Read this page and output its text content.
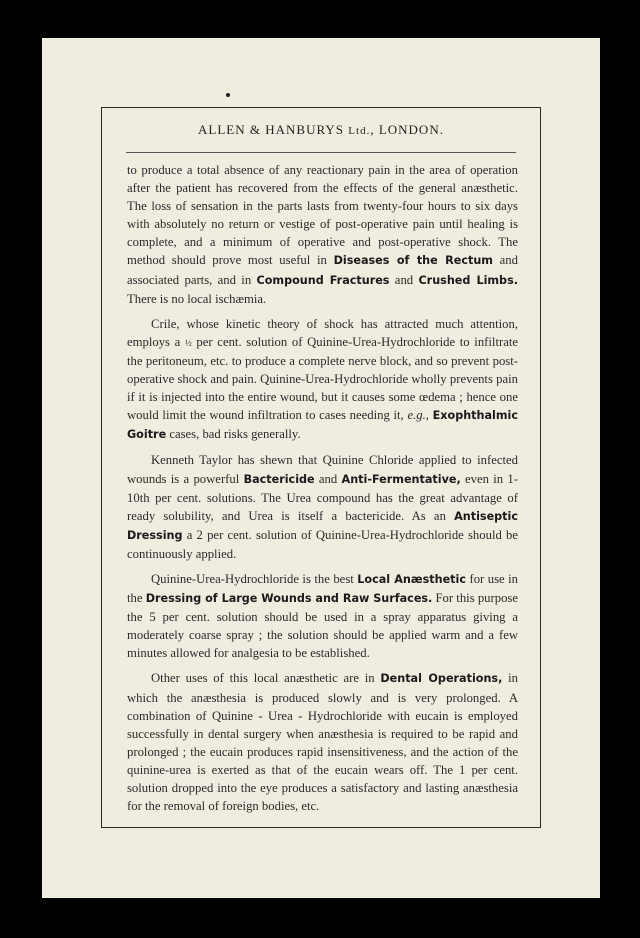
ALLEN & HANBURYS Ltd., LONDON.

to produce a total absence of any reactionary pain in the area of operation after the patient has recovered from the effects of the general anæsthetic. The loss of sensation in the parts lasts from twenty-four hours to six days with absolutely no return or vestige of post-operative pain until healing is complete, and a minimum of operative and post-operative shock. The method should prove most useful in Diseases of the Rectum and associated parts, and in Compound Fractures and Crushed Limbs. There is no local ischæmia.

Crile, whose kinetic theory of shock has attracted much attention, employs a ½ per cent. solution of Quinine-Urea-Hydrochloride to infiltrate the peritoneum, etc. to produce a complete nerve block, and so prevent post-operative shock and pain. Quinine-Urea-Hydrochloride wholly prevents pain if it is injected into the entire wound, but it causes some œdema ; hence one would limit the wound infiltration to cases needing it, e.g., Exophthalmic Goitre cases, bad risks generally.

Kenneth Taylor has shewn that Quinine Chloride applied to infected wounds is a powerful Bactericide and Anti-Fermentative, even in 1-10th per cent. solutions. The Urea compound has the great advantage of ready solubility, and Urea is itself a bactericide. As an Antiseptic Dressing a 2 per cent. solution of Quinine-Urea-Hydrochloride should be continuously applied.

Quinine-Urea-Hydrochloride is the best Local Anæsthetic for use in the Dressing of Large Wounds and Raw Surfaces. For this purpose the 5 per cent. solution should be used in a spray apparatus giving a moderately coarse spray ; the solution should be applied warm and a few minutes allowed for analgesia to be established.

Other uses of this local anæsthetic are in Dental Operations, in which the anæsthesia is produced slowly and is very prolonged. A combination of Quinine - Urea - Hydrochloride with eucain is employed successfully in dental surgery when anæsthesia is required to be rapid and prolonged ; the eucain produces rapid insensitiveness, and the action of the quinine-urea is exerted as that of the eucain wears off. The 1 per cent. solution dropped into the eye produces a satisfactory and lasting anæsthesia for the removal of foreign bodies, etc.
